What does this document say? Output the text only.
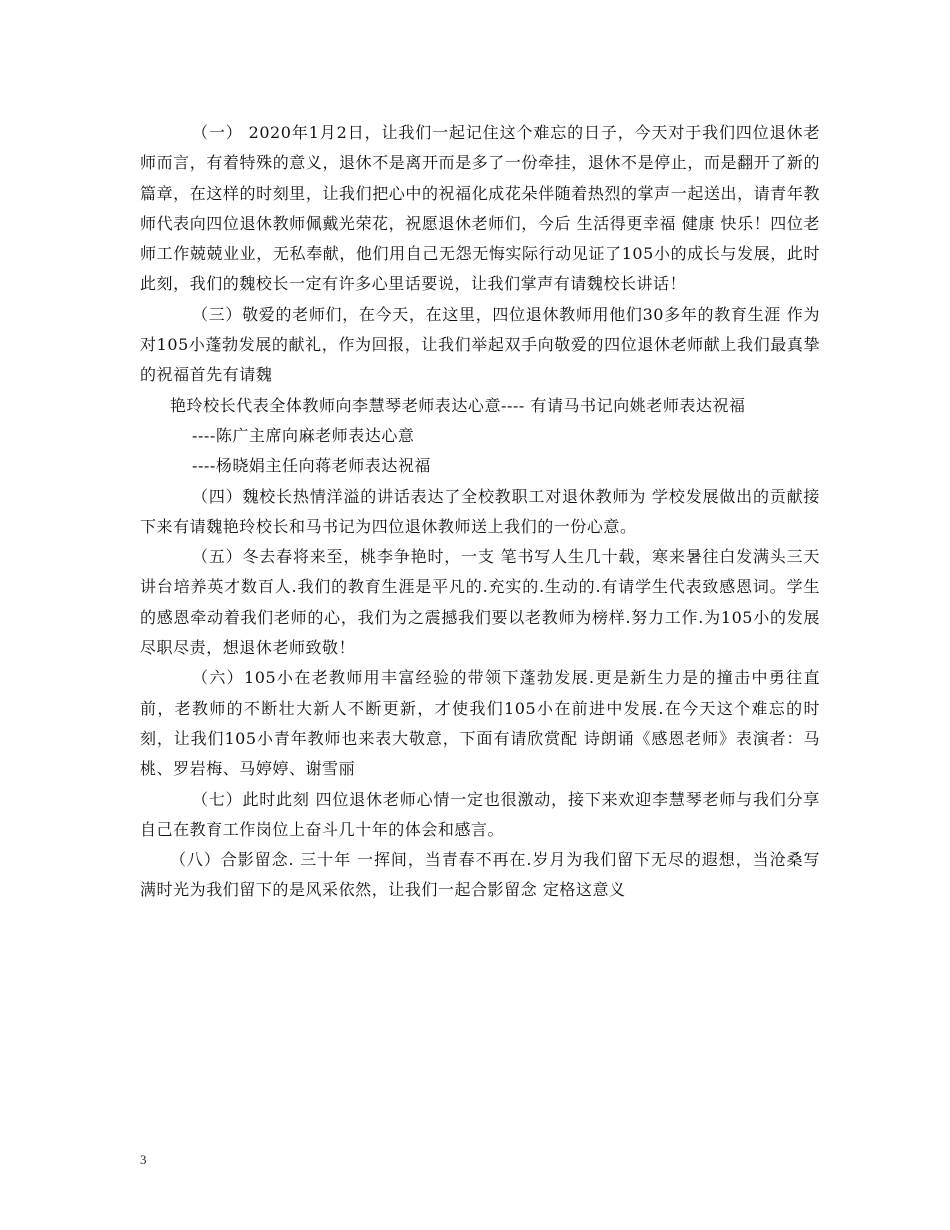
（一） 2020年1月2日，让我们一起记住这个难忘的日子，今天对于我们四位退休老师而言，有着特殊的意义，退休不是离开而是多了一份牵挂，退休不是停止，而是翻开了新的篇章，在这样的时刻里，让我们把心中的祝福化成花朵伴随着热烈的掌声一起送出，请青年教师代表向四位退休教师佩戴光荣花，祝愿退休老师们，今后 生活得更幸福 健康 快乐！四位老师工作兢兢业业，无私奉献，他们用自己无怨无悔实际行动见证了105小的成长与发展，此时此刻，我们的魏校长一定有许多心里话要说，让我们掌声有请魏校长讲话！

（三）敬爱的老师们，在今天，在这里，四位退休教师用他们30多年的教育生涯 作为对105小蓬勃发展的献礼，作为回报，让我们举起双手向敬爱的四位退休老师献上我们最真挚的祝福首先有请魏

艳玲校长代表全体教师向李慧琴老师表达心意---- 有请马书记向姚老师表达祝福

----陈广主席向麻老师表达心意

----杨晓娟主任向蒋老师表达祝福

（四）魏校长热情洋溢的讲话表达了全校教职工对退休教师为 学校发展做出的贡献接下来有请魏艳玲校长和马书记为四位退休教师送上我们的一份心意。

（五）冬去春将来至，桃李争艳时，一支 笔书写人生几十载，寒来暑往白发满头三天讲台培养英才数百人.我们的教育生涯是平凡的.充实的.生动的.有请学生代表致感恩词。学生的感恩牵动着我们老师的心，我们为之震撼我们要以老教师为榜样.努力工作.为105小的发展尽职尽责，想退休老师致敬！

（六）105小在老教师用丰富经验的带领下蓬勃发展.更是新生力是的撞击中勇往直前，老教师的不断壮大新人不断更新，才使我们105小在前进中发展.在今天这个难忘的时刻，让我们105小青年教师也来表大敬意，下面有请欣赏配 诗朗诵《感恩老师》表演者：马桃、罗岩梅、马婷婷、谢雪丽

（七）此时此刻 四位退休老师心情一定也很激动，接下来欢迎李慧琴老师与我们分享自己在教育工作岗位上奋斗几十年的体会和感言。

（八）合影留念. 三十年 一挥间，当青春不再在.岁月为我们留下无尽的遐想，当沧桑写满时光为我们留下的是风采依然，让我们一起合影留念 定格这意义

3
